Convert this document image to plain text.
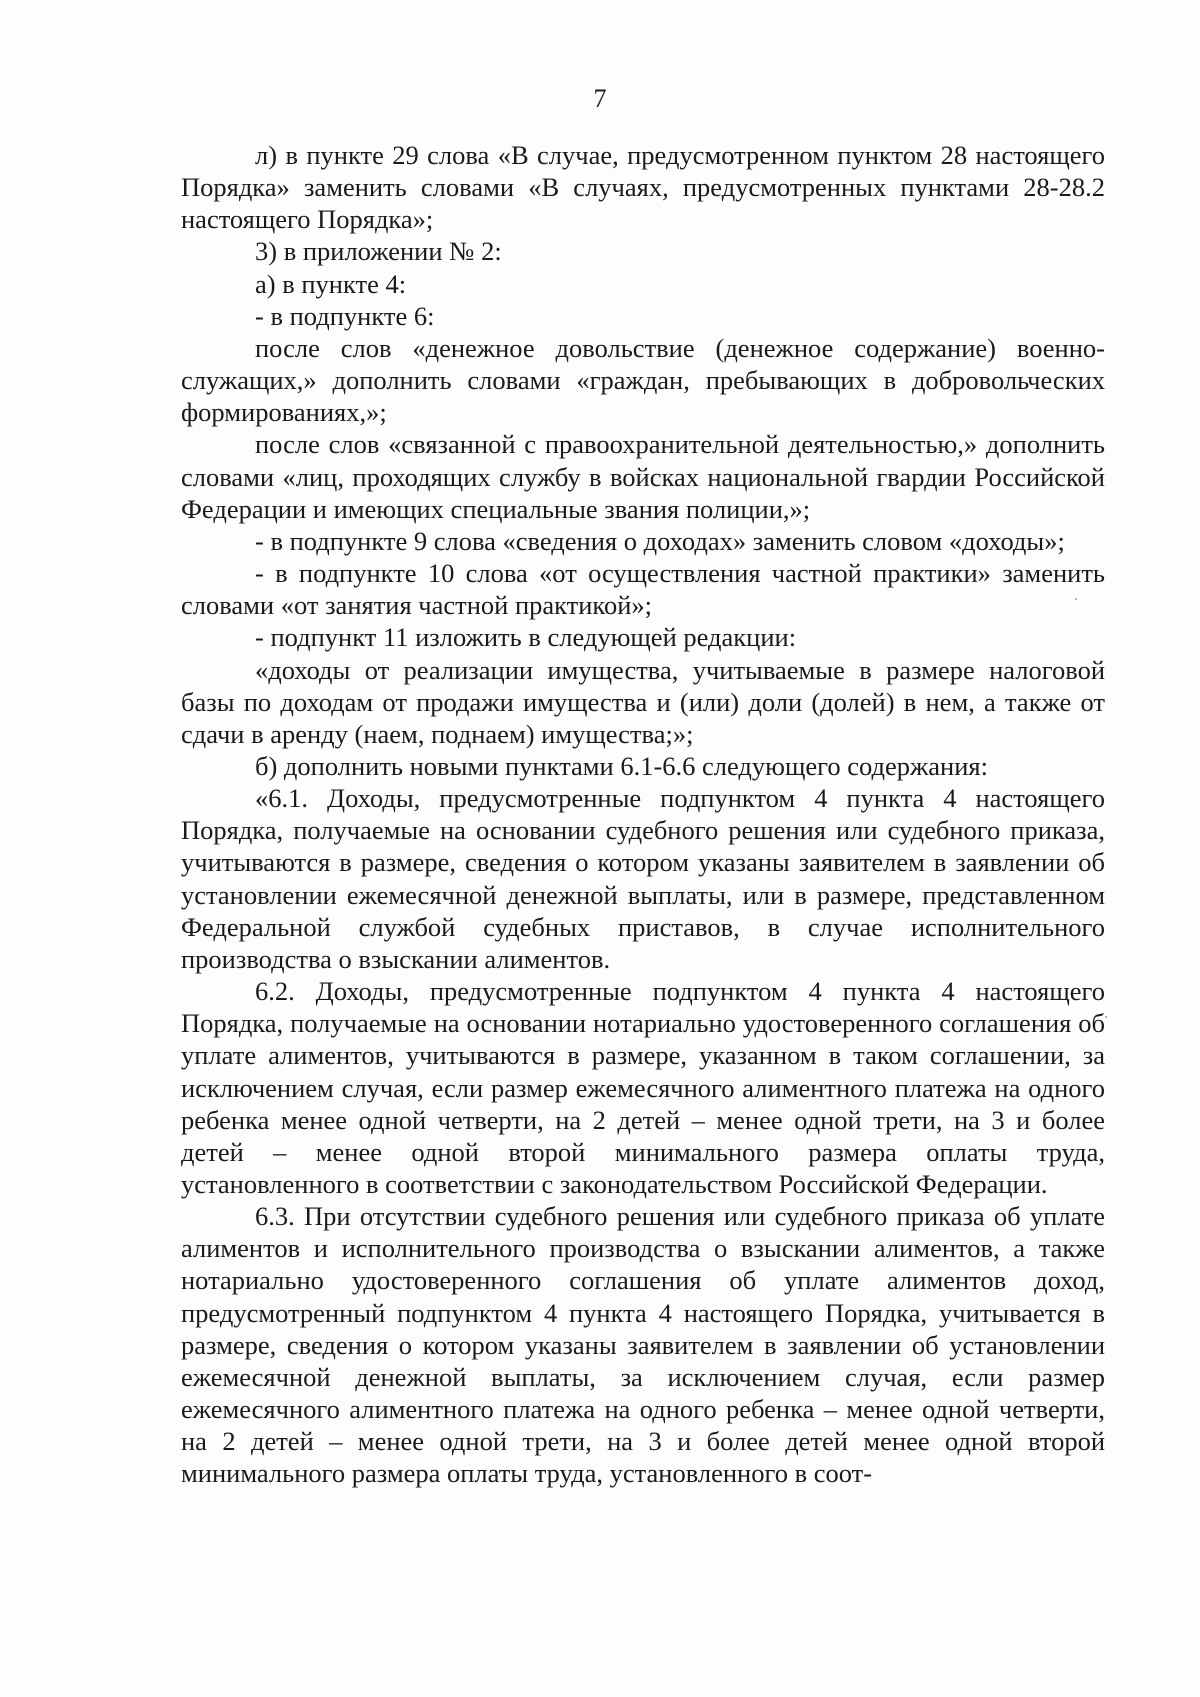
7

л) в пункте 29 слова «В случае, предусмотренном пунктом 28 настоящего Порядка» заменить словами «В случаях, предусмотренных пунктами 28-28.2 настоящего Порядка»;

3) в приложении № 2:

а) в пункте 4:

- в подпункте 6:

после слов «денежное довольствие (денежное содержание) военнослужащих,» дополнить словами «граждан, пребывающих в добровольческих формированиях,»;

после слов «связанной с правоохранительной деятельностью,» дополнить словами «лиц, проходящих службу в войсках национальной гвардии Российской Федерации и имеющих специальные звания полиции,»;

- в подпункте 9 слова «сведения о доходах» заменить словом «доходы»;

- в подпункте 10 слова «от осуществления частной практики» заменить словами «от занятия частной практикой»;

- подпункт 11 изложить в следующей редакции:

«доходы от реализации имущества, учитываемые в размере налоговой базы по доходам от продажи имущества и (или) доли (долей) в нем, а также от сдачи в аренду (наем, поднаем) имущества;»;

б) дополнить новыми пунктами 6.1-6.6 следующего содержания:

«6.1. Доходы, предусмотренные подпунктом 4 пункта 4 настоящего Порядка, получаемые на основании судебного решения или судебного приказа, учитываются в размере, сведения о котором указаны заявителем в заявлении об установлении ежемесячной денежной выплаты, или в размере, представленном Федеральной службой судебных приставов, в случае исполнительного производства о взыскании алиментов.

6.2. Доходы, предусмотренные подпунктом 4 пункта 4 настоящего Порядка, получаемые на основании нотариально удостоверенного соглашения об уплате алиментов, учитываются в размере, указанном в таком соглашении, за исключением случая, если размер ежемесячного алиментного платежа на одного ребенка менее одной четверти, на 2 детей – менее одной трети, на 3 и более детей – менее одной второй минимального размера оплаты труда, установленного в соответствии с законодательством Российской Федерации.

6.3. При отсутствии судебного решения или судебного приказа об уплате алиментов и исполнительного производства о взыскании алиментов, а также нотариально удостоверенного соглашения об уплате алиментов доход, предусмотренный подпунктом 4 пункта 4 настоящего Порядка, учитывается в размере, сведения о котором указаны заявителем в заявлении об установлении ежемесячной денежной выплаты, за исключением случая, если размер ежемесячного алиментного платежа на одного ребенка – менее одной четверти, на 2 детей – менее одной трети, на 3 и более детей менее одной второй минимального размера оплаты труда, установленного в соот-
